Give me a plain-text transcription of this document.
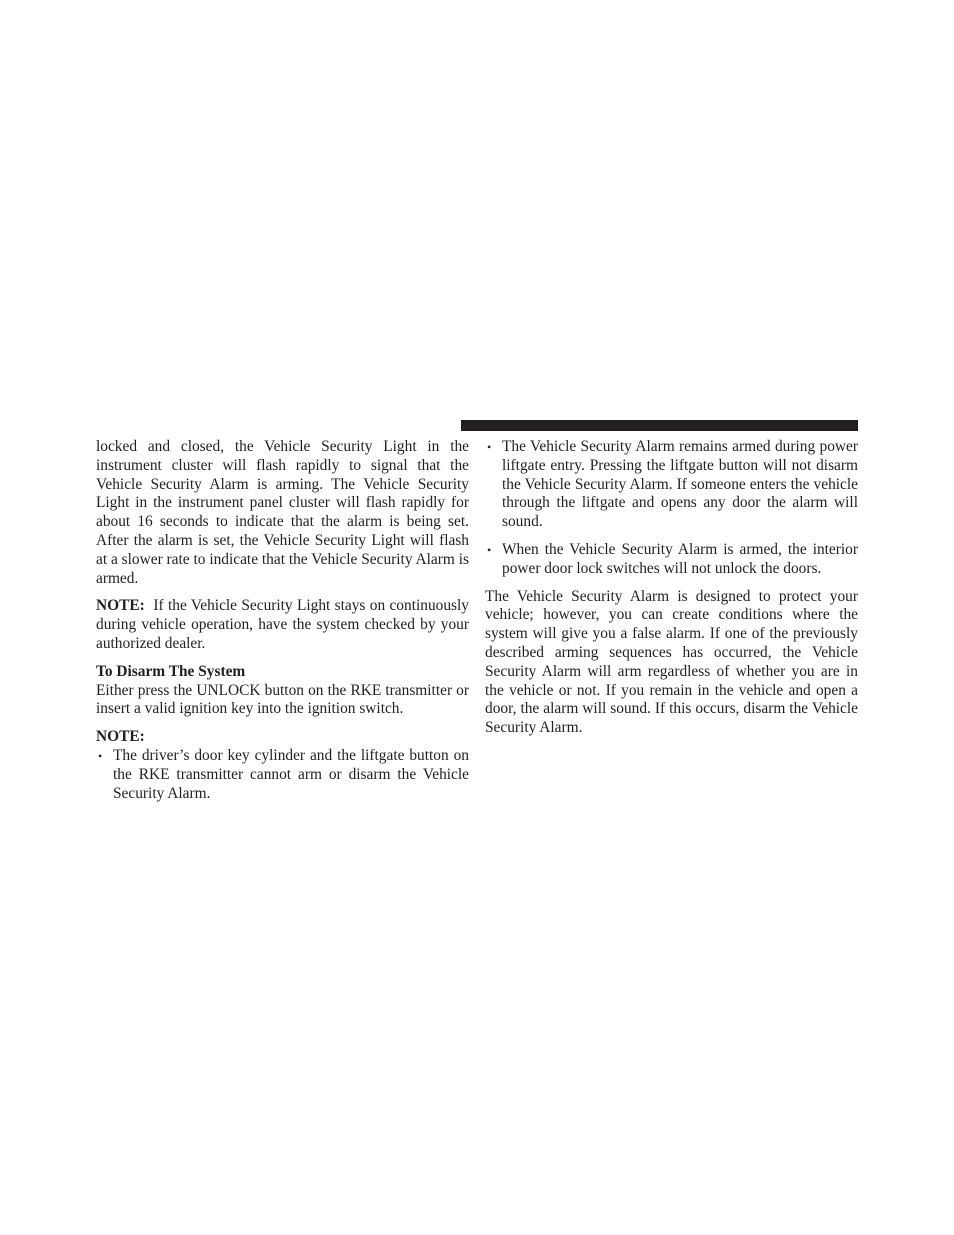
locked and closed, the Vehicle Security Light in the instrument cluster will flash rapidly to signal that the Vehicle Security Alarm is arming. The Vehicle Security Light in the instrument panel cluster will flash rapidly for about 16 seconds to indicate that the alarm is being set. After the alarm is set, the Vehicle Security Light will flash at a slower rate to indicate that the Vehicle Security Alarm is armed.

NOTE: If the Vehicle Security Light stays on continuously during vehicle operation, have the system checked by your authorized dealer.

To Disarm The System

Either press the UNLOCK button on the RKE transmitter or insert a valid ignition key into the ignition switch.

NOTE:
• The driver’s door key cylinder and the liftgate button on the RKE transmitter cannot arm or disarm the Vehicle Security Alarm.
• The Vehicle Security Alarm remains armed during power liftgate entry. Pressing the liftgate button will not disarm the Vehicle Security Alarm. If someone enters the vehicle through the liftgate and opens any door the alarm will sound.
• When the Vehicle Security Alarm is armed, the interior power door lock switches will not unlock the doors.

The Vehicle Security Alarm is designed to protect your vehicle; however, you can create conditions where the system will give you a false alarm. If one of the previously described arming sequences has occurred, the Vehicle Security Alarm will arm regardless of whether you are in the vehicle or not. If you remain in the vehicle and open a door, the alarm will sound. If this occurs, disarm the Vehicle Security Alarm.
